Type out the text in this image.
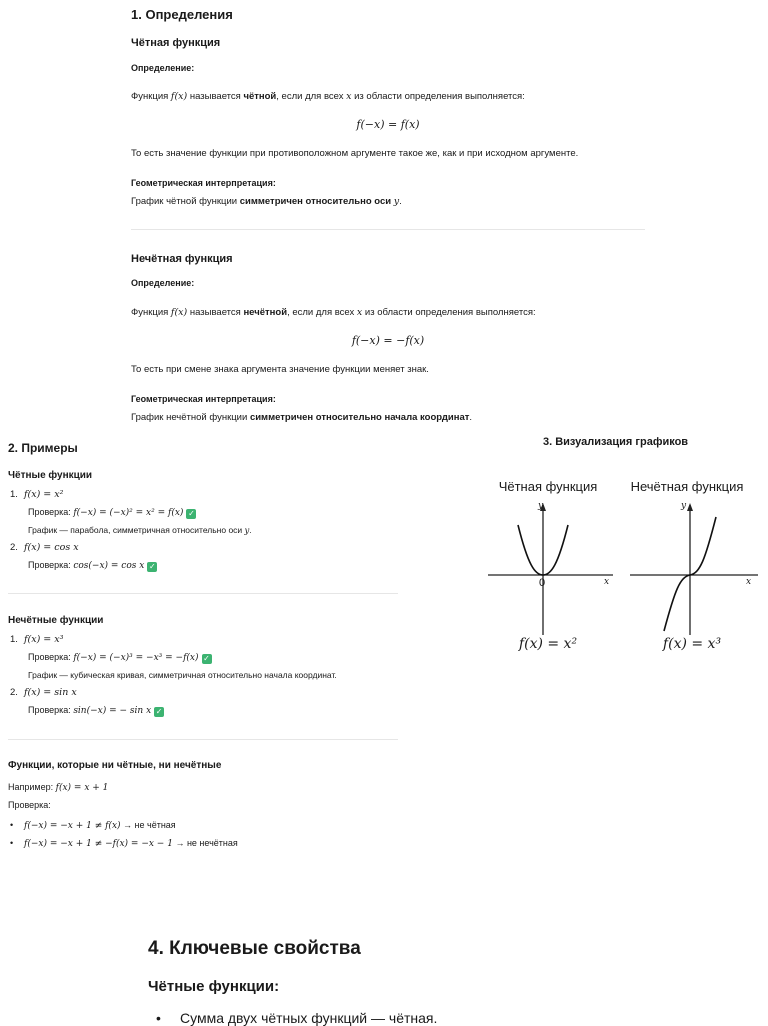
1. Определения
Чётная функция
Определение:
Функция f(x) называется чётной, если для всех x из области определения выполняется:
f(−x) = f(x)
То есть значение функции при противоположном аргументе такое же, как и при исходном аргументе.
Геометрическая интерпретация:
График чётной функции симметричен относительно оси y.
Нечётная функция
Определение:
Функция f(x) называется нечётной, если для всех x из области определения выполняется:
f(−x) = −f(x)
То есть при смене знака аргумента значение функции меняет знак.
Геометрическая интерпретация:
График нечётной функции симметричен относительно начала координат.
2. Примеры
Чётные функции
1. f(x) = x²
Проверка: f(−x) = (−x)² = x² = f(x) ✓
График — парабола, симметричная относительно оси y.
2. f(x) = cos x
Проверка: cos(−x) = cos x ✓
Нечётные функции
1. f(x) = x³
Проверка: f(−x) = (−x)³ = −x³ = −f(x) ✓
График — кубическая кривая, симметричная относительно начала координат.
2. f(x) = sin x
Проверка: sin(−x) = − sin x ✓
Функции, которые ни чётные, ни нечётные
Например: f(x) = x + 1
Проверка:
• f(−x) = −x + 1 ≠ f(x) → не чётная
• f(−x) = −x + 1 ≠ −f(x) = −x − 1 → не нечётная
3. Визуализация графиков
Чётная функция	Нечётная функция
y
x
0
y
x
f(x) = x²	f(x) = x³
4. Ключевые свойства
Чётные функции:
• Сумма двух чётных функций — чётная.
